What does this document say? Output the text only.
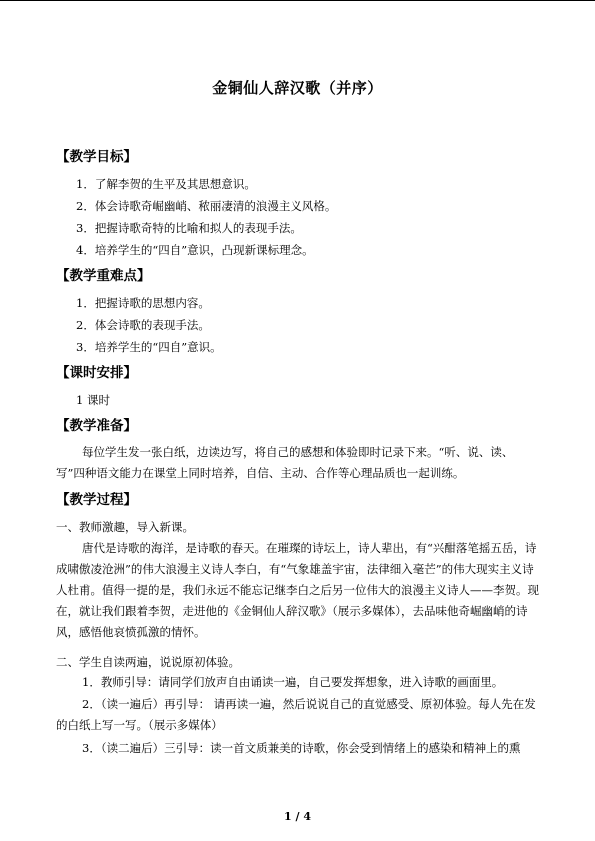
金铜仙人辞汉歌（并序）
【教学目标】
1．了解李贺的生平及其思想意识。
2．体会诗歌奇崛幽峭、秾丽凄清的浪漫主义风格。
3．把握诗歌奇特的比喻和拟人的表现手法。
4．培养学生的“四自”意识，凸现新课标理念。
【教学重难点】
1．把握诗歌的思想内容。
2．体会诗歌的表现手法。
3．培养学生的“四自”意识。
【课时安排】
1 课时
【教学准备】
每位学生发一张白纸，边读边写，将自己的感想和体验即时记录下来。“听、说、读、写”四种语文能力在课堂上同时培养，自信、主动、合作等心理品质也一起训练。
【教学过程】
一、教师激趣，导入新课。
唐代是诗歌的海洋，是诗歌的春天。在璀璨的诗坛上，诗人辈出，有“兴酣落笔摇五岳，诗成啸傲凌沧洲”的伟大浪漫主义诗人李白，有“气象雄盖宇宙，法律细入毫芒”的伟大现实主义诗人杜甫。值得一提的是，我们永远不能忘记继李白之后另一位伟大的浪漫主义诗人——李贺。现在，就让我们跟着李贺，走进他的《金铜仙人辞汉歌》（展示多媒体），去品味他奇崛幽峭的诗风，感悟他哀愤孤激的情怀。
二、学生自读两遍，说说原初体验。
1．教师引导：请同学们放声自由诵读一遍，自己要发挥想象，进入诗歌的画面里。
2．（读一遍后）再引导： 请再读一遍，然后说说自己的直觉感受、原初体验。每人先在发的白纸上写一写。（展示多媒体）
3．（读二遍后）三引导：读一首文质兼美的诗歌，你会受到情绪上的感染和精神上的熏
1 / 4
